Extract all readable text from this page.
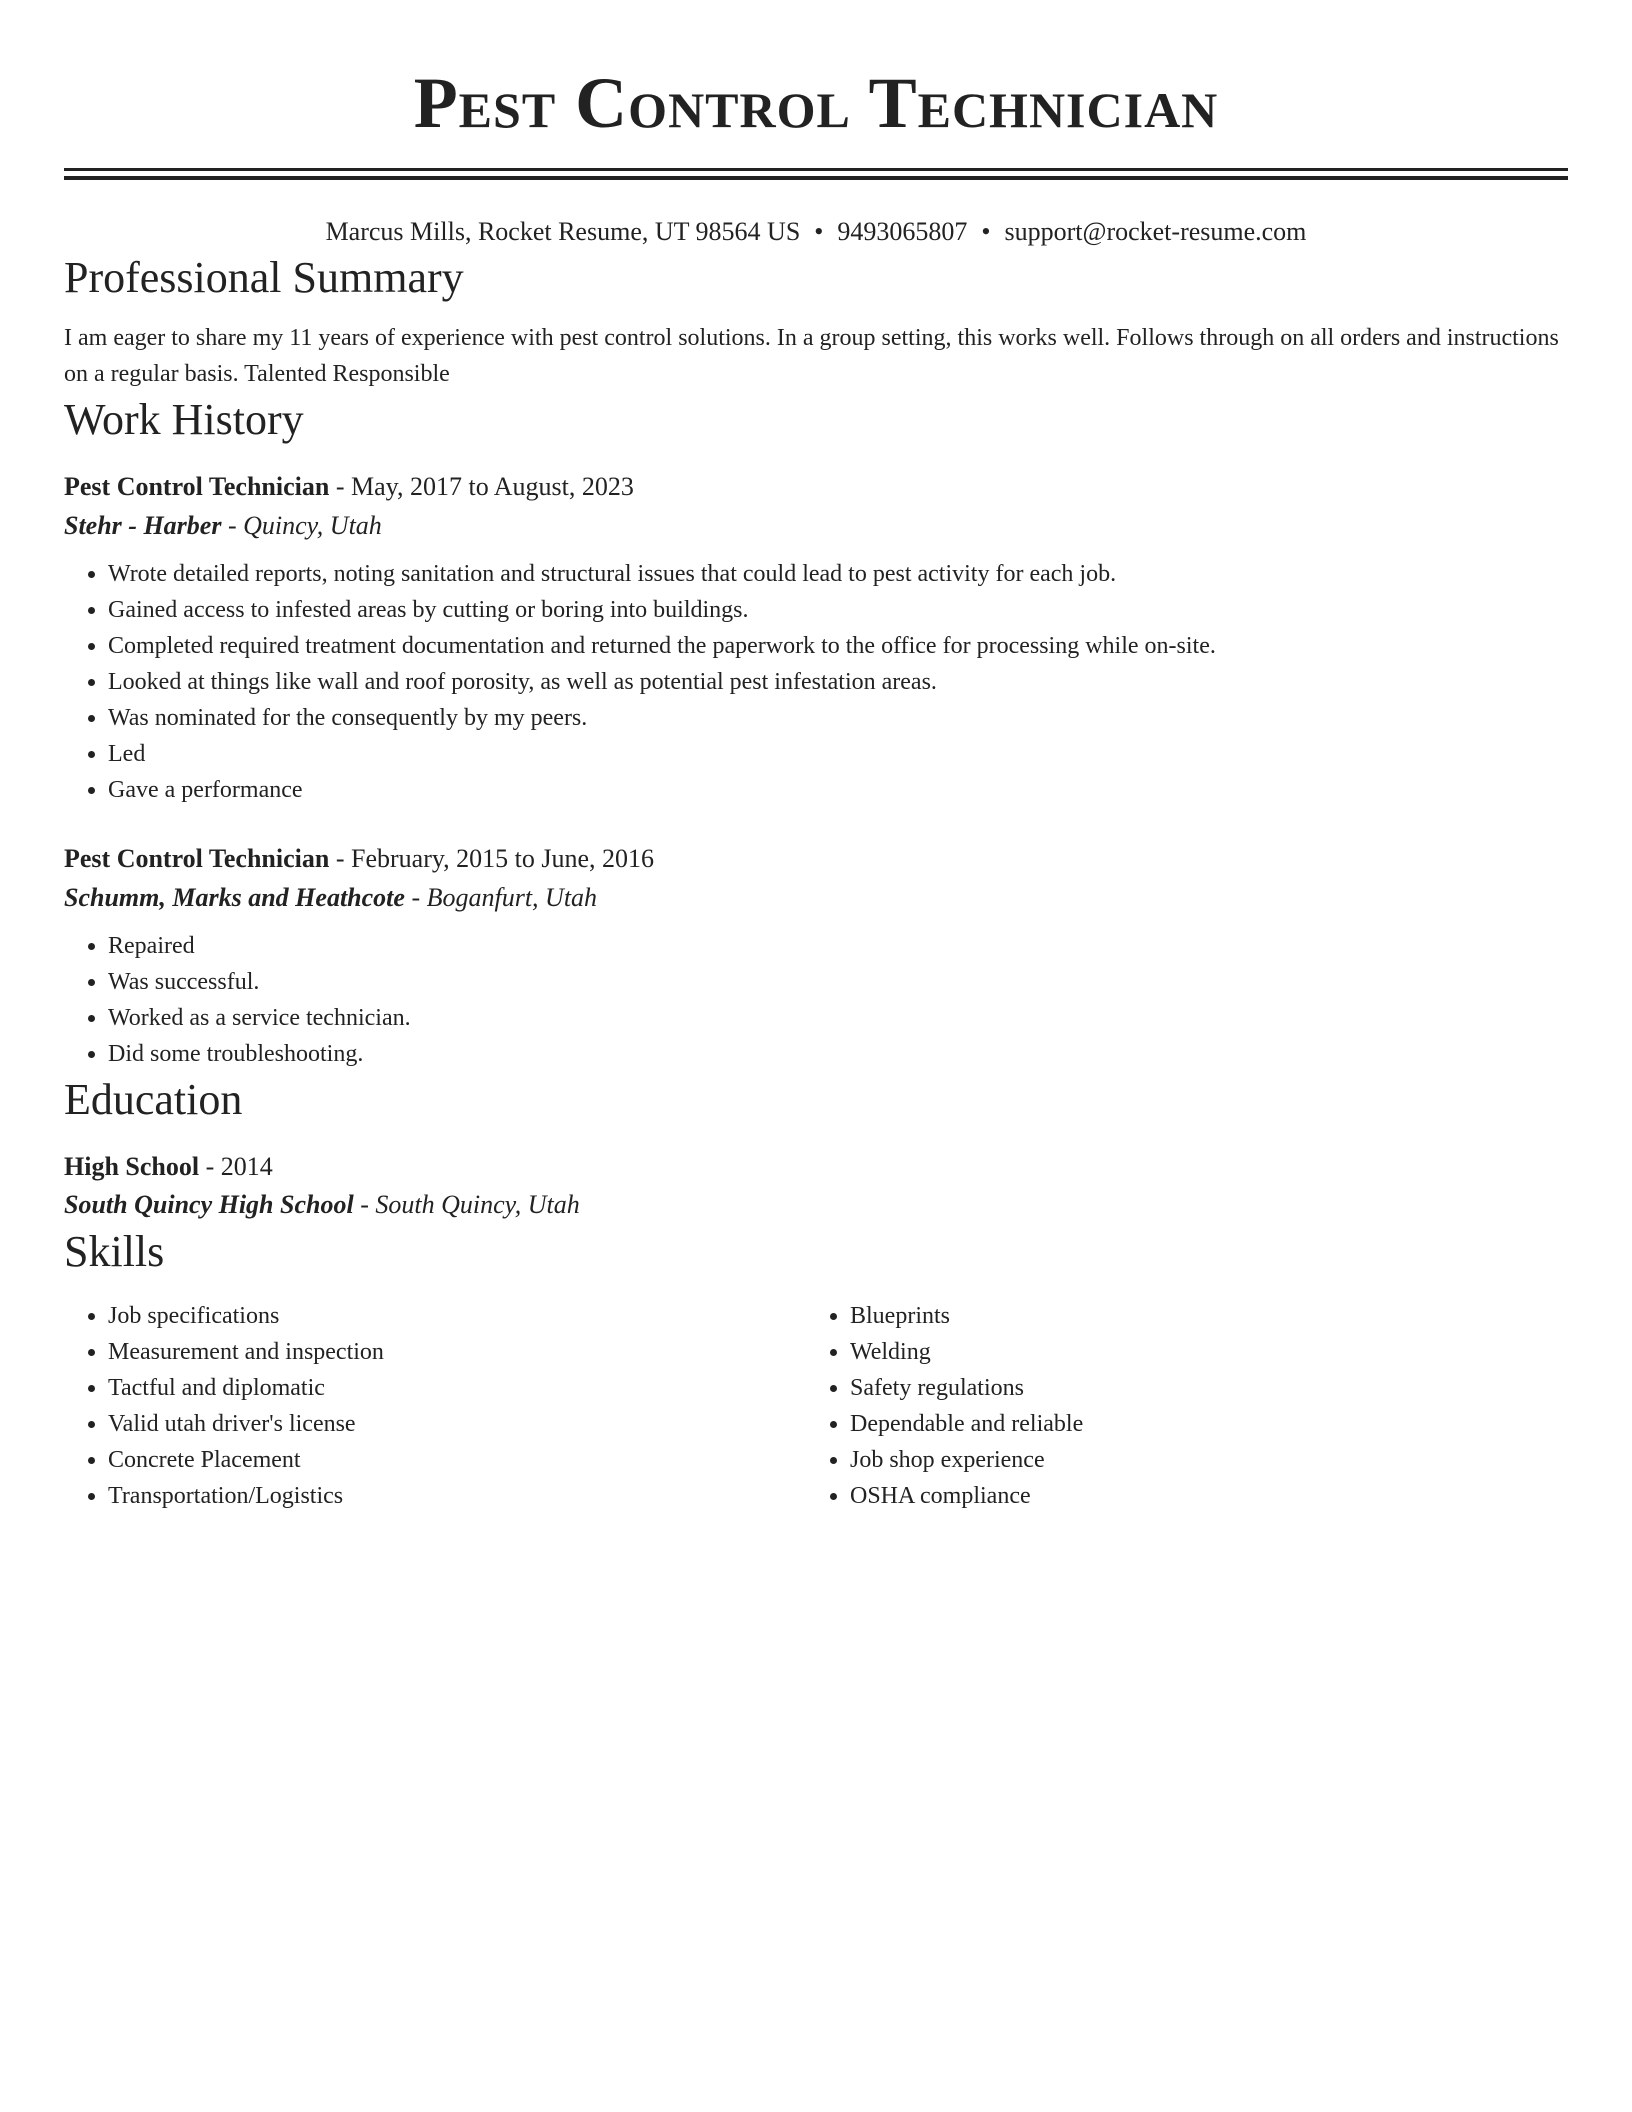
Pest Control Technician
Marcus Mills, Rocket Resume, UT 98564 US • 9493065807 • support@rocket-resume.com
Professional Summary
I am eager to share my 11 years of experience with pest control solutions. In a group setting, this works well. Follows through on all orders and instructions on a regular basis. Talented Responsible
Work History
Pest Control Technician - May, 2017 to August, 2023
Stehr - Harber - Quincy, Utah
• Wrote detailed reports, noting sanitation and structural issues that could lead to pest activity for each job.
• Gained access to infested areas by cutting or boring into buildings.
• Completed required treatment documentation and returned the paperwork to the office for processing while on-site.
• Looked at things like wall and roof porosity, as well as potential pest infestation areas.
• Was nominated for the consequently by my peers.
• Led
• Gave a performance
Pest Control Technician - February, 2015 to June, 2016
Schumm, Marks and Heathcote - Boganfurt, Utah
• Repaired
• Was successful.
• Worked as a service technician.
• Did some troubleshooting.
Education
High School - 2014
South Quincy High School - South Quincy, Utah
Skills
• Job specifications
• Measurement and inspection
• Tactful and diplomatic
• Valid utah driver's license
• Concrete Placement
• Transportation/Logistics
• Blueprints
• Welding
• Safety regulations
• Dependable and reliable
• Job shop experience
• OSHA compliance
